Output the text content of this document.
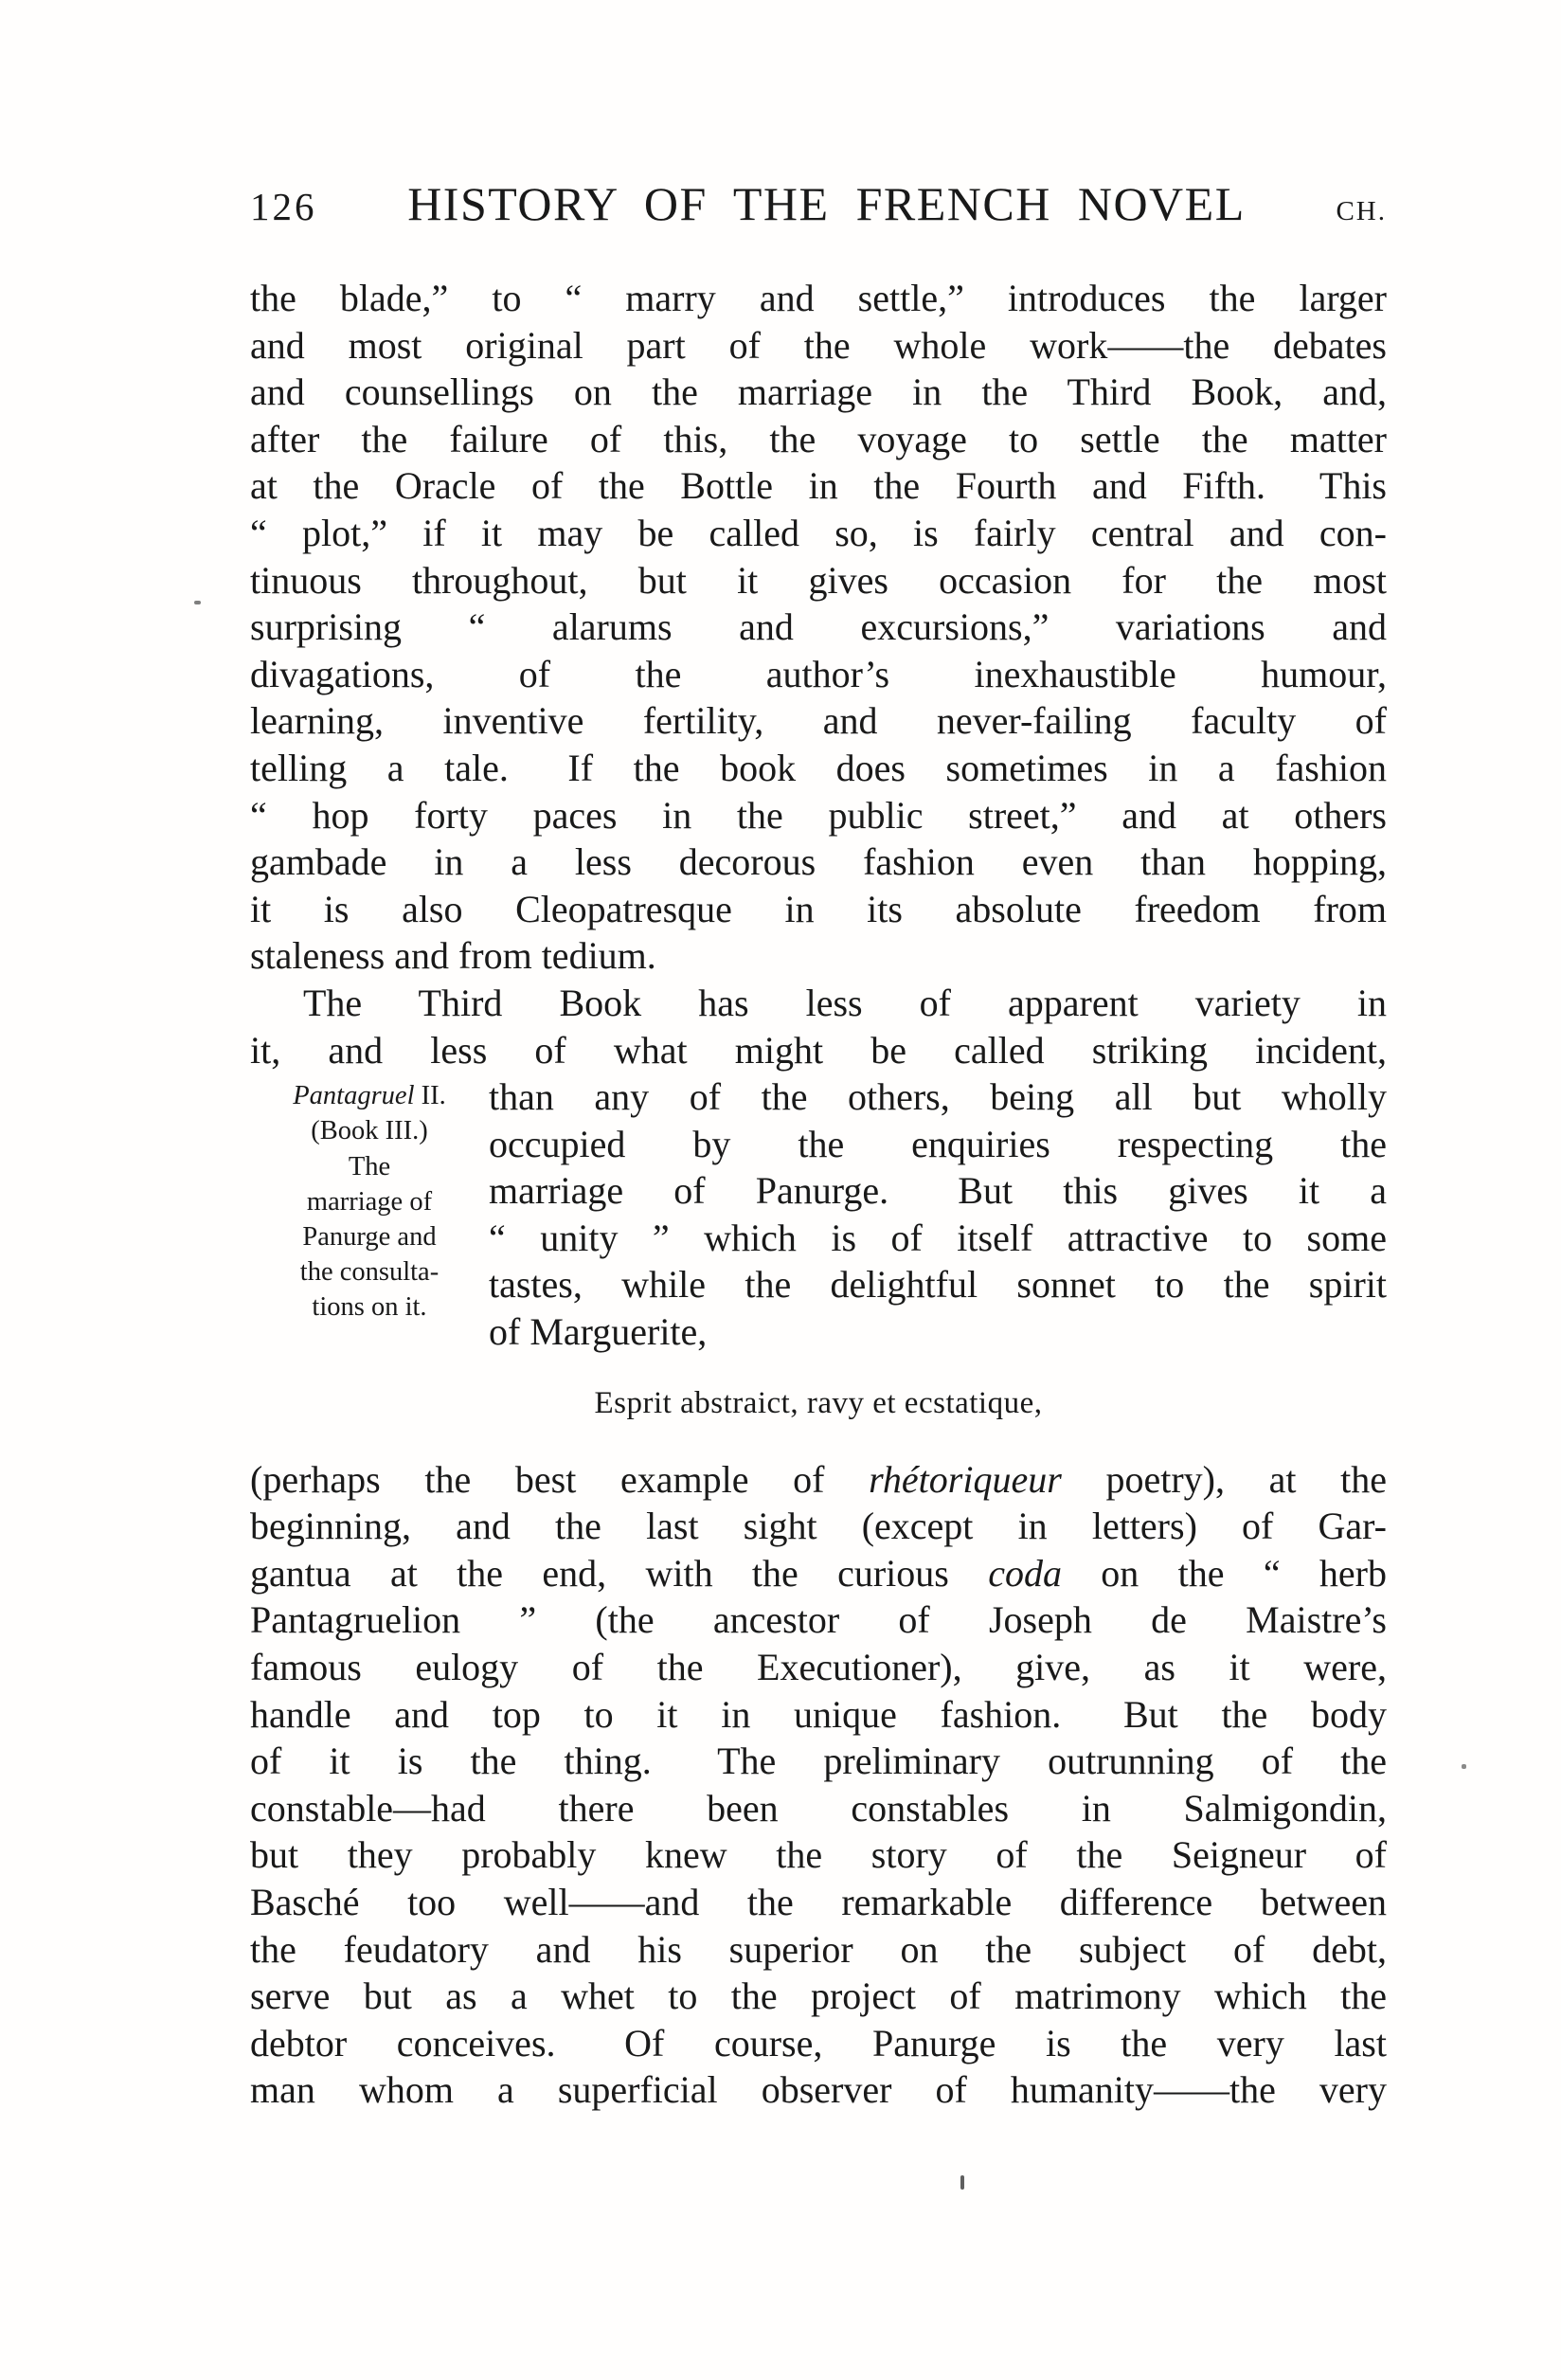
126	HISTORY OF THE FRENCH NOVEL	CH.
the blade,” to “ marry and settle,” introduces the larger
and most original part of the whole work——the debates
and counsellings on the marriage in the Third Book, and,
after the failure of this, the voyage to settle the matter
at the Oracle of the Bottle in the Fourth and Fifth.  This
“ plot,” if it may be called so, is fairly central and con-
tinuous throughout, but it gives occasion for the most
surprising “ alarums and excursions,” variations and
divagations, of the author’s inexhaustible humour,
learning, inventive fertility, and never-failing faculty of
telling a tale.  If the book does sometimes in a fashion
“ hop forty paces in the public street,” and at others
gambade in a less decorous fashion even than hopping,
it is also Cleopatresque in its absolute freedom from
staleness and from tedium.
The Third Book has less of apparent variety in
it, and less of what might be called striking incident,
Pantagruel II.
(Book III.)
The
marriage of
Panurge and
the consulta-
tions on it.
than any of the others, being all but wholly
occupied by the enquiries respecting the
marriage of Panurge.  But this gives it a
“ unity ” which is of itself attractive to some
tastes, while the delightful sonnet to the spirit
of Marguerite,
Esprit abstraict, ravy et ecstatique,
(perhaps the best example of rhétoriqueur poetry), at the
beginning, and the last sight (except in letters) of Gar-
gantua at the end, with the curious coda on the “ herb
Pantagruelion ” (the ancestor of Joseph de Maistre’s
famous eulogy of the Executioner), give, as it were,
handle and top to it in unique fashion.  But the body
of it is the thing.  The preliminary outrunning of the
constable—had there been constables in Salmigondin,
but they probably knew the story of the Seigneur of
Basché too well——and the remarkable difference between
the feudatory and his superior on the subject of debt,
serve but as a whet to the project of matrimony which the
debtor conceives.  Of course, Panurge is the very last
man whom a superficial observer of humanity——the very
